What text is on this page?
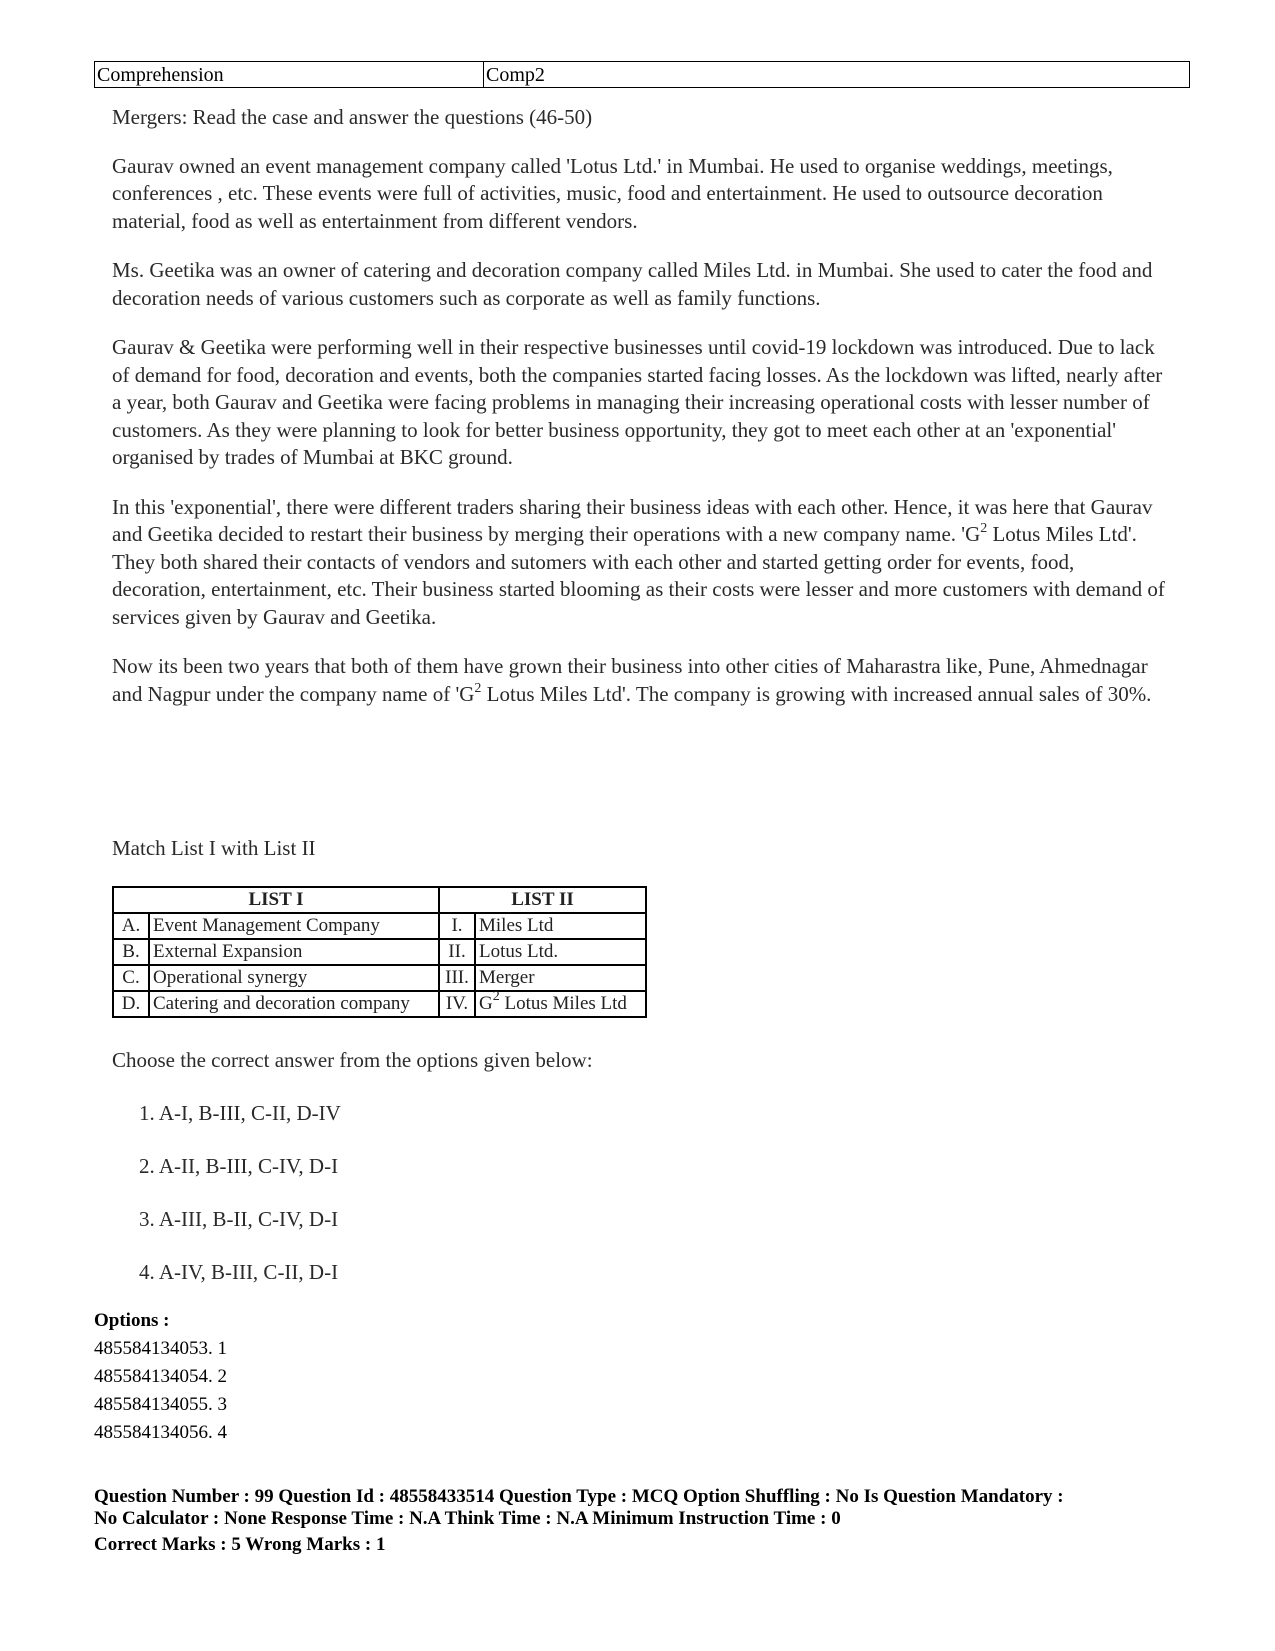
Comprehension	Comp2

Mergers: Read the case and answer the questions (46-50)

Gaurav owned an event management company called 'Lotus Ltd.' in Mumbai. He used to organise weddings, meetings, conferences , etc. These events were full of activities, music, food and entertainment. He used to outsource decoration material, food as well as entertainment from different vendors.

Ms. Geetika was an owner of catering and decoration company called Miles Ltd. in Mumbai. She used to cater the food and decoration needs of various customers such as corporate as well as family functions.

Gaurav & Geetika were performing well in their respective businesses until covid-19 lockdown was introduced. Due to lack of demand for food, decoration and events, both the companies started facing losses. As the lockdown was lifted, nearly after a year, both Gaurav and Geetika were facing problems in managing their increasing operational costs with lesser number of customers. As they were planning to look for better business opportunity, they got to meet each other at an 'exponential' organised by trades of Mumbai at BKC ground.

In this 'exponential', there were different traders sharing their business ideas with each other. Hence, it was here that Gaurav and Geetika decided to restart their business by merging their operations with a new company name. '$G^2$ Lotus Miles Ltd'. They both shared their contacts of vendors and sutomers with each other and started getting order for events, food, decoration, entertainment, etc. Their business started blooming as their costs were lesser and more customers with demand of services given by Gaurav and Geetika.

Now its been two years that both of them have grown their business into other cities of Maharastra like, Pune, Ahmednagar and Nagpur under the company name of '$G^2$ Lotus Miles Ltd'. The company is growing with increased annual sales of 30%.

Match List I with List II
LIST I		LIST II	
A.	Event Management Company	I.	Miles Ltd
B.	External Expansion	II.	Lotus Ltd.
C.	Operational synergy	III.	Merger
D.	Catering and decoration company	IV.	$G^2$ Lotus Miles Ltd
Choose the correct answer from the options given below:
1. A-I, B-III, C-II, D-IV
2. A-II, B-III, C-IV, D-I
3. A-III, B-II, C-IV, D-I
4. A-IV, B-III, C-II, D-I
Options :
485584134053. 1
485584134054. 2
485584134055. 3
485584134056. 4
Question Number : 99 Question Id : 48558433514 Question Type : MCQ Option Shuffling : No Is Question Mandatory :
No Calculator : None Response Time : N.A Think Time : N.A Minimum Instruction Time : 0
Correct Marks : 5 Wrong Marks : 1
